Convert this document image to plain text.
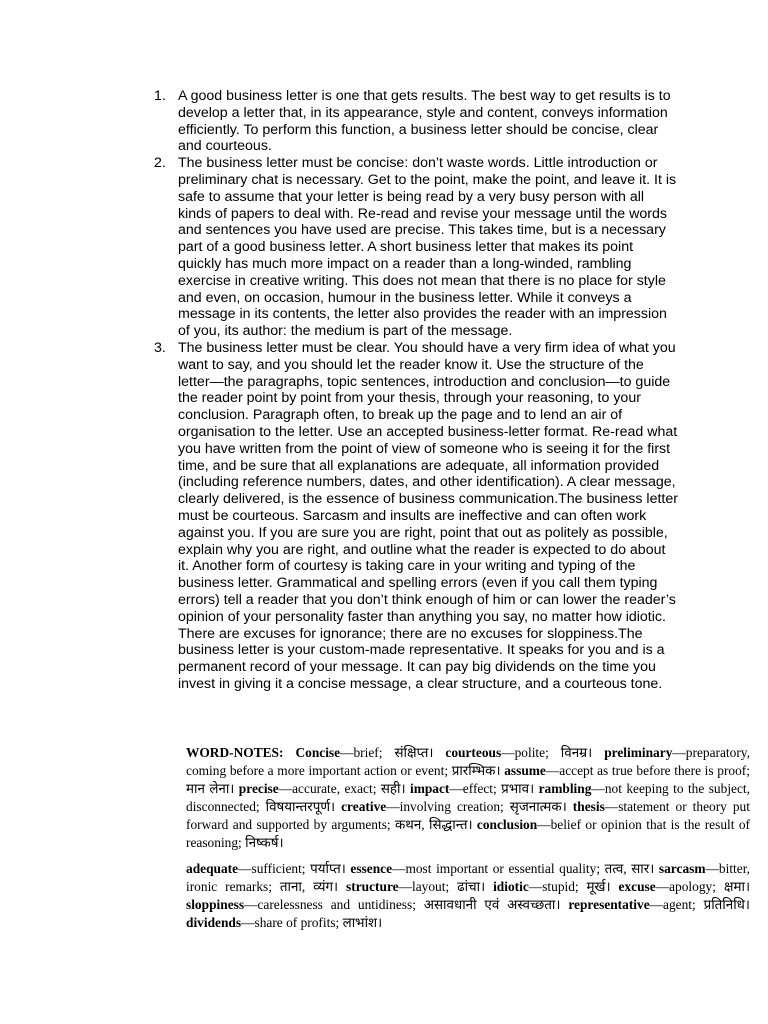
1. A good business letter is one that gets results. The best way to get results is to develop a letter that, in its appearance, style and content, conveys information efficiently. To perform this function, a business letter should be concise, clear and courteous.
2. The business letter must be concise: don’t waste words. Little introduction or preliminary chat is necessary. Get to the point, make the point, and leave it. It is safe to assume that your letter is being read by a very busy person with all kinds of papers to deal with. Re-read and revise your message until the words and sentences you have used are precise. This takes time, but is a necessary part of a good business letter. A short business letter that makes its point quickly has much more impact on a reader than a long-winded, rambling exercise in creative writing. This does not mean that there is no place for style and even, on occasion, humour in the business letter. While it conveys a message in its contents, the letter also provides the reader with an impression of you, its author: the medium is part of the message.
3. The business letter must be clear. You should have a very firm idea of what you want to say, and you should let the reader know it. Use the structure of the letter—the paragraphs, topic sentences, introduction and conclusion—to guide the reader point by point from your thesis, through your reasoning, to your conclusion. Paragraph often, to break up the page and to lend an air of organisation to the letter. Use an accepted business-letter format. Re-read what you have written from the point of view of someone who is seeing it for the first time, and be sure that all explanations are adequate, all information provided (including reference numbers, dates, and other identification). A clear message, clearly delivered, is the essence of business communication.The business letter must be courteous. Sarcasm and insults are ineffective and can often work against you. If you are sure you are right, point that out as politely as possible, explain why you are right, and outline what the reader is expected to do about it. Another form of courtesy is taking care in your writing and typing of the business letter. Grammatical and spelling errors (even if you call them typing errors) tell a reader that you don’t think enough of him or can lower the reader’s opinion of your personality faster than anything you say, no matter how idiotic. There are excuses for ignorance; there are no excuses for sloppiness.The business letter is your custom-made representative. It speaks for you and is a permanent record of your message. It can pay big dividends on the time you invest in giving it a concise message, a clear structure, and a courteous tone.

WORD-NOTES: Concise—brief; संक्षिप्त। courteous—polite; विनम्र। preliminary—preparatory, coming before a more important action or event; प्रारम्भिक। assume—accept as true before there is proof; मान लेना। precise—accurate, exact; सही। impact—effect; प्रभाव। rambling—not keeping to the subject, disconnected; विषयान्तरपूर्ण। creative—involving creation; सृजनात्मक। thesis—statement or theory put forward and supported by arguments; कथन, सिद्धान्त। conclusion—belief or opinion that is the result of reasoning; निष्कर्ष।

adequate—sufficient; पर्याप्त। essence—most important or essential quality; तत्व, सार। sarcasm—bitter, ironic remarks; ताना, व्यंग। structure—layout; ढांचा। idiotic—stupid; मूर्ख। excuse—apology; क्षमा। sloppiness—carelessness and untidiness; असावधानी एवं अस्वच्छता। representative—agent; प्रतिनिधि। dividends—share of profits; लाभांश।
